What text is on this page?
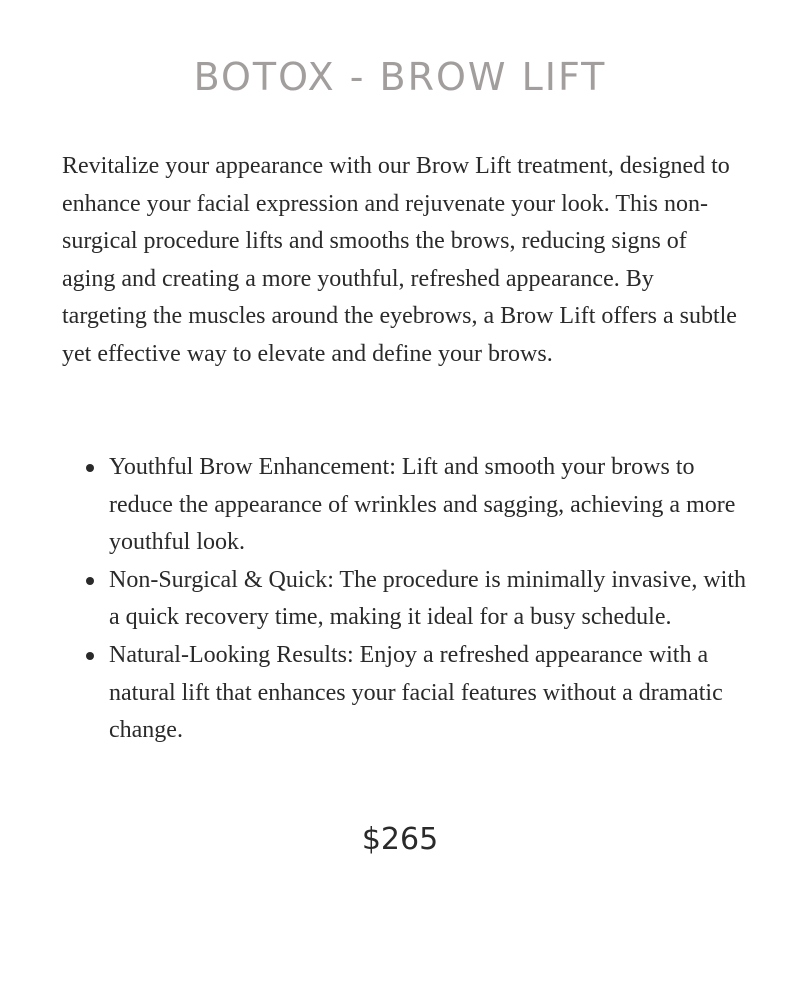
BOTOX - BROW LIFT

Revitalize your appearance with our Brow Lift treatment, designed to enhance your facial expression and rejuvenate your look. This non-surgical procedure lifts and smooths the brows, reducing signs of aging and creating a more youthful, refreshed appearance. By targeting the muscles around the eyebrows, a Brow Lift offers a subtle yet effective way to elevate and define your brows.

Youthful Brow Enhancement: Lift and smooth your brows to reduce the appearance of wrinkles and sagging, achieving a more youthful look.
Non-Surgical & Quick: The procedure is minimally invasive, with a quick recovery time, making it ideal for a busy schedule.
Natural-Looking Results: Enjoy a refreshed appearance with a natural lift that enhances your facial features without a dramatic change.
$265
